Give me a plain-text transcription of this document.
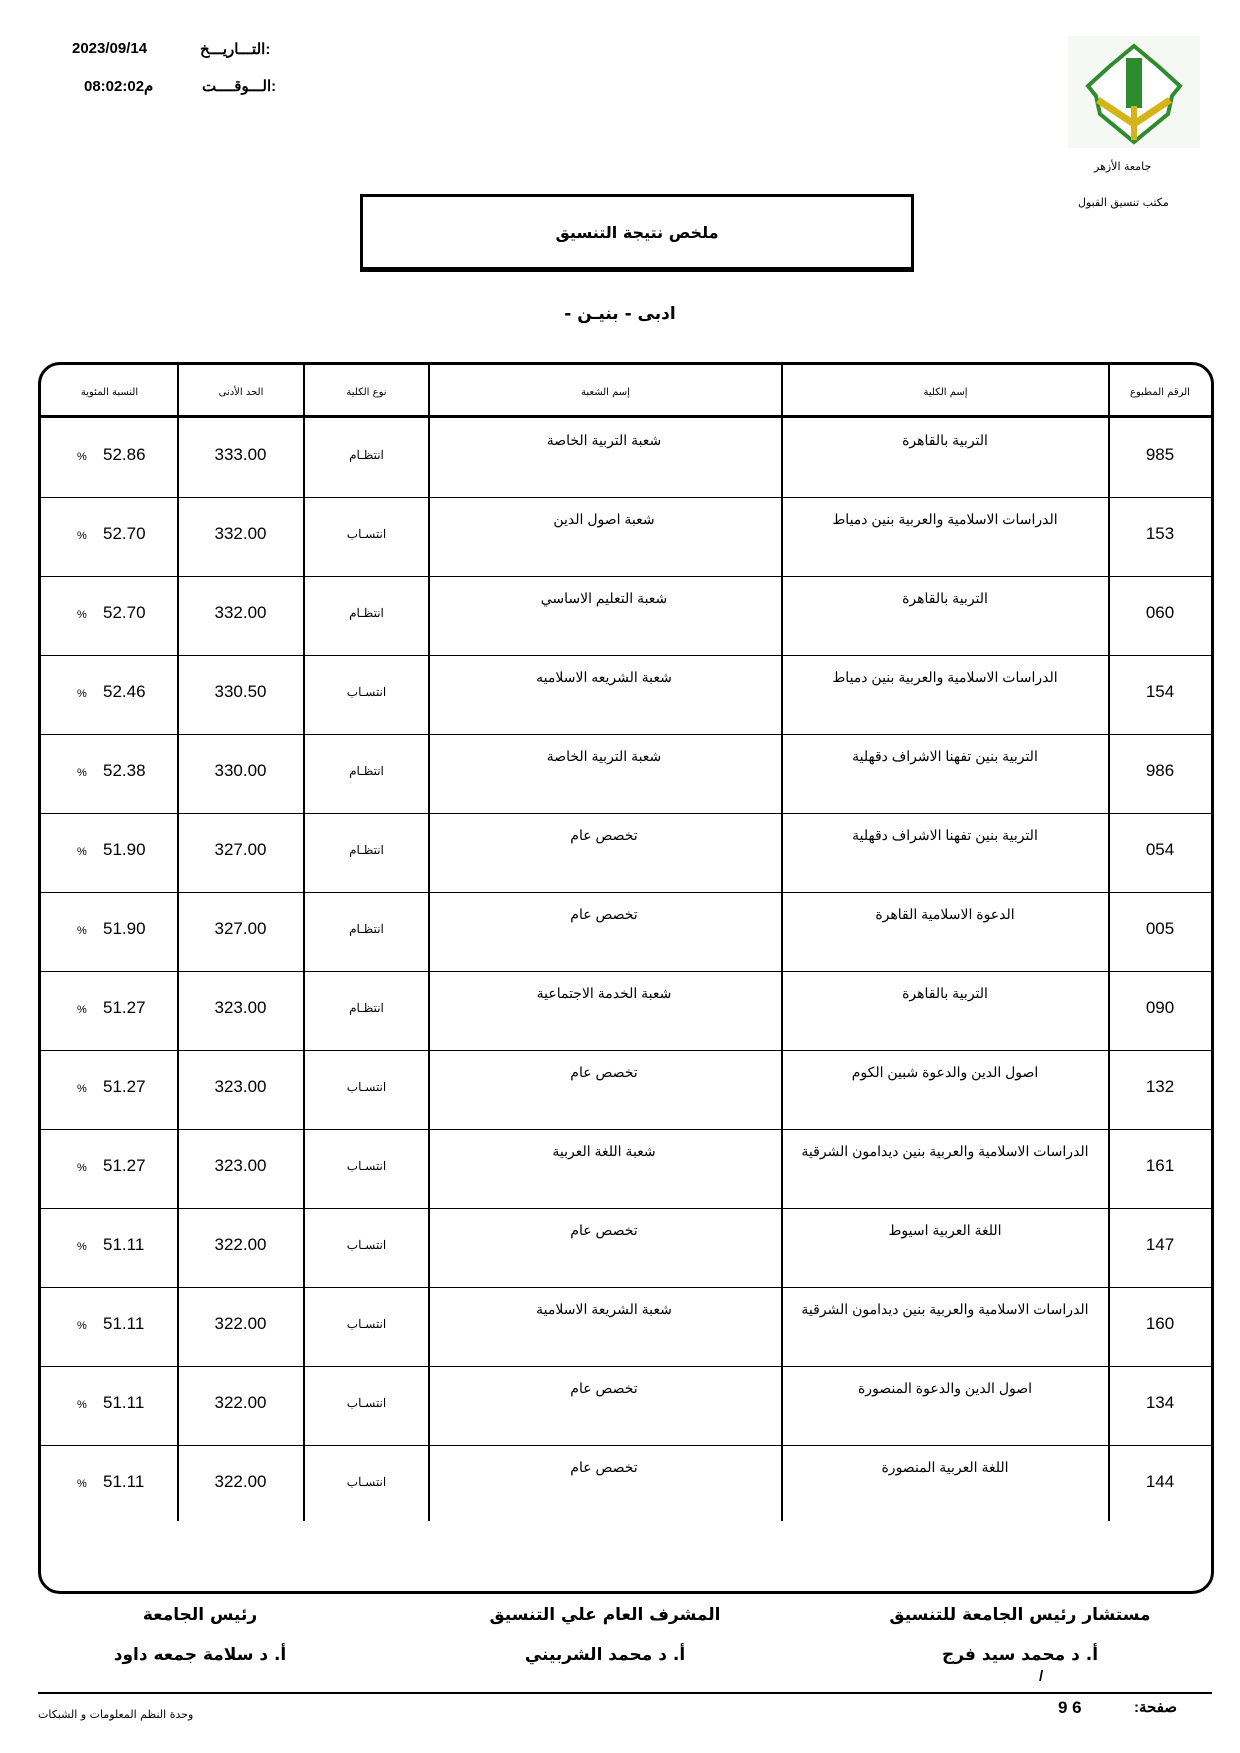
التـــاريـــخ:
2023/09/14
الـــوقــــت:
08:02:02م
جامعة الأزهر
مكتب تنسيق القبول
ملخص نتيجة التنسيق
- ادبى - بنيـن
الرقم المطبوع
إسم الكلية
إسم الشعبة
نوع الكلية
الحد الأدنى
النسبة المئوية
985
التربية بالقاهرة
شعبة التربية الخاصة
انتظـام
333.00
52.86
%
153
الدراسات الاسلامية والعربية بنين دمياط
شعبة اصول الدين
انتسـاب
332.00
52.70
%
060
التربية بالقاهرة
شعبة التعليم الاساسي
انتظـام
332.00
52.70
%
154
الدراسات الاسلامية والعربية بنين دمياط
شعبة الشريعه الاسلاميه
انتسـاب
330.50
52.46
%
986
التربية بنين تفهنا الاشراف دقهلية
شعبة التربية الخاصة
انتظـام
330.00
52.38
%
054
التربية بنين تفهنا الاشراف دقهلية
تخصص عام
انتظـام
327.00
51.90
%
005
الدعوة الاسلامية القاهرة
تخصص عام
انتظـام
327.00
51.90
%
090
التربية بالقاهرة
شعبة الخدمة الاجتماعية
انتظـام
323.00
51.27
%
132
اصول الدين والدعوة شبين الكوم
تخصص عام
انتسـاب
323.00
51.27
%
161
الدراسات الاسلامية والعربية بنين ديدامون الشرقية
شعبة اللغة العربية
انتسـاب
323.00
51.27
%
147
اللغة العربية اسيوط
تخصص عام
انتسـاب
322.00
51.11
%
160
الدراسات الاسلامية والعربية بنين ديدامون الشرقية
شعبة الشريعة الاسلامية
انتسـاب
322.00
51.11
%
134
اصول الدين والدعوة المنصورة
تخصص عام
انتسـاب
322.00
51.11
%
144
اللغة العربية المنصورة
تخصص عام
انتسـاب
322.00
51.11
%
مستشار رئيس الجامعة للتنسيق
أ. د محمد سيد فرج
المشرف العام علي التنسيق
أ. د محمد الشربيني
رئيس الجامعة
أ. د سلامة جمعه داود
/
صفحة:
9 6
وحدة النظم المعلومات و الشبكات
